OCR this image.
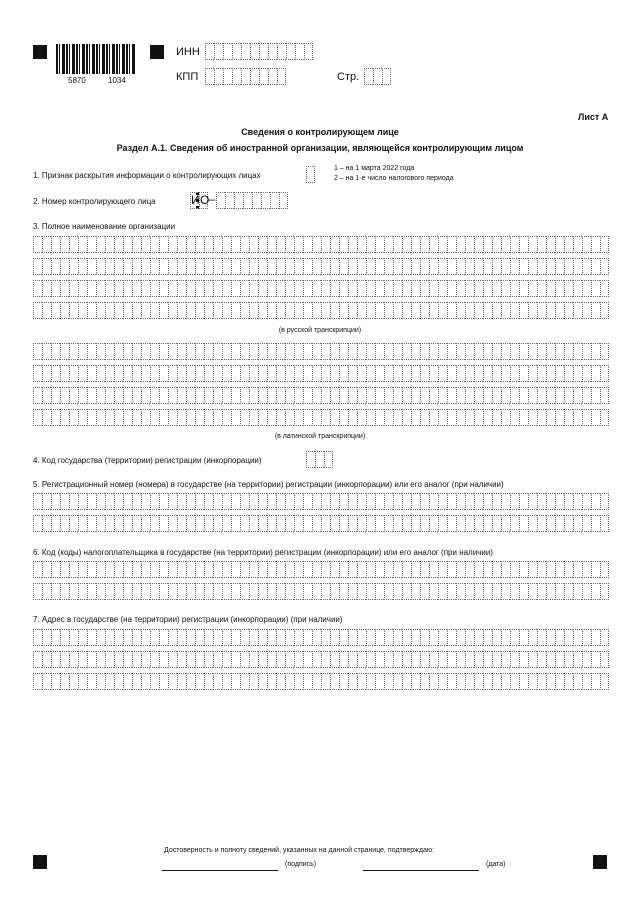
5870	1034
ИНН
КПП	Стр.
Лист А
Сведения о контролирующем лице
Раздел А.1. Сведения об иностранной организации, являющейся контролирующим лицом
1. Признак раскрытия информации о контролирующих лицах
1 – на 1 марта 2022 года
2 – на 1-е число налогового периода
2. Номер контролирующего лица	И О –
3. Полное наименование организации
(в русской транскрипции)
(в латинской транскрипции)
4. Код государства (территории) регистрации (инкорпорации)
5. Регистрационный номер (номера) в государстве (на территории) регистрации (инкорпорации) или его аналог (при наличии)
6. Код (коды) налогоплательщика в государстве (на территории) регистрации (инкорпорации) или его аналог (при наличии)
7. Адрес в государстве (на территории) регистрации (инкорпорации) (при наличии)
Достоверность и полноту сведений, указанных на данной странице, подтверждаю:
(подпись)	(дата)
